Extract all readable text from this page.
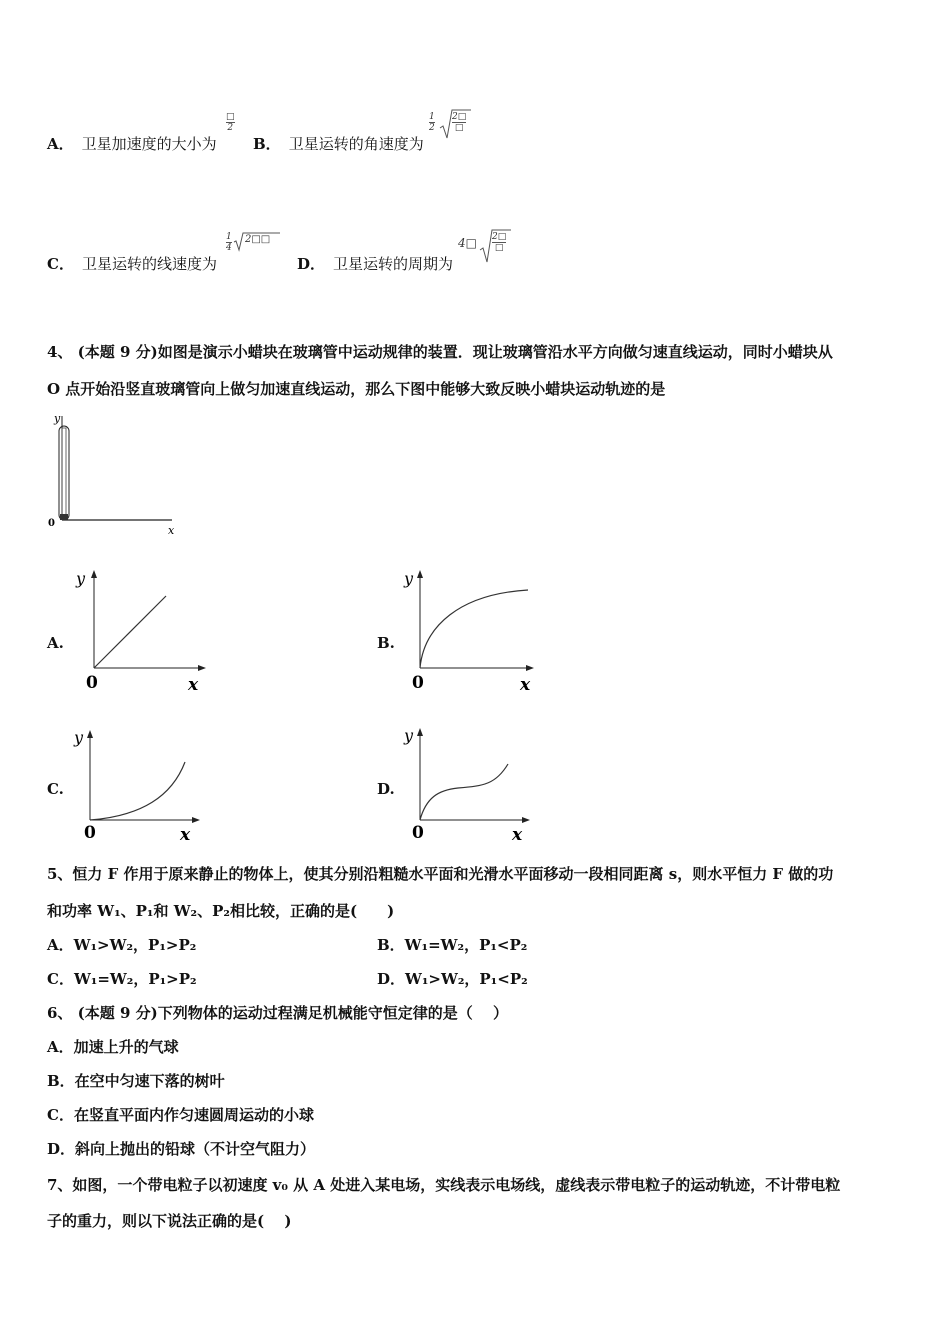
A． 卫星加速度的大小为
□
2
B． 卫星运转的角速度为
$\frac{1}{2}$ 2□
□
C． 卫星运转的线速度为
$\frac{1}{4}$ 2□□
D． 卫星运转的周期为
4□ 2□
□
4、 (本题 9 分)如图是演示小蜡块在玻璃管中运动规律的装置．现让玻璃管沿水平方向做匀速直线运动，同时小蜡块从
O 点开始沿竖直玻璃管向上做匀加速直线运动，那么下图中能够大致反映小蜡块运动轨迹的是
y
0
x
A.
y
0	x
B.
y
0	x
C.
y
0	x
D.
y
0	x
5、恒力 F 作用于原来静止的物体上，使其分别沿粗糙水平面和光滑水平面移动一段相同距离 s，则水平恒力 F 做的功
和功率 W₁、P₁和 W₂、P₂相比较，正确的是(　　)
A．W₁>W₂，P₁>P₂	B．W₁=W₂，P₁<P₂
C．W₁=W₂，P₁>P₂	D．W₁>W₂，P₁<P₂
6、 (本题 9 分)下列物体的运动过程满足机械能守恒定律的是（　 ）
A．加速上升的气球
B．在空中匀速下落的树叶
C．在竖直平面内作匀速圆周运动的小球
D．斜向上抛出的铅球（不计空气阻力）
7、如图，一个带电粒子以初速度 v₀ 从 A 处进入某电场，实线表示电场线，虚线表示带电粒子的运动轨迹，不计带电粒
子的重力，则以下说法正确的是(　 )
